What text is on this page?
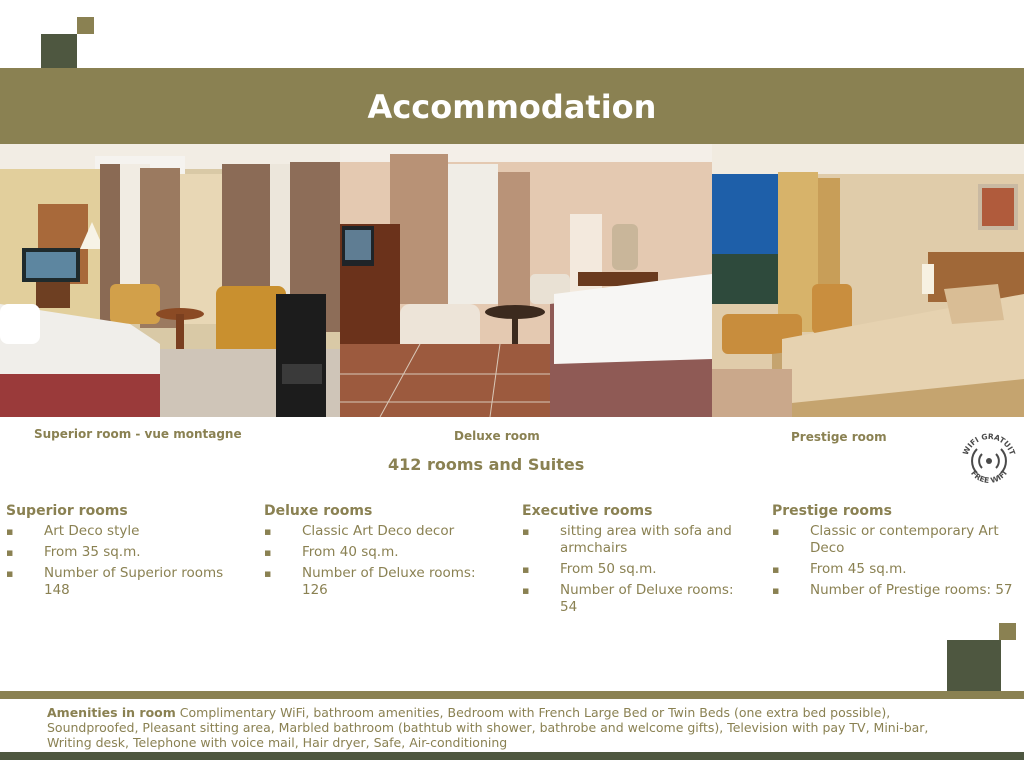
Accommodation
Superior room - vue montagne	Deluxe room	Prestige room
WIFI GRATUIT
FREE WIFI
412 rooms and Suites
Superior rooms
▪ Art Deco style
▪ From 35 sq.m.
▪ Number of Superior rooms 148
Deluxe rooms
▪ Classic Art Deco decor
▪ From 40 sq.m.
▪ Number of Deluxe rooms: 126
Executive rooms
▪ sitting area with sofa and armchairs
▪ From 50 sq.m.
▪ Number of Deluxe rooms: 54
Prestige rooms
▪ Classic or contemporary Art Deco
▪ From 45 sq.m.
▪ Number of Prestige rooms: 57
Amenities in room Complimentary WiFi, bathroom amenities, Bedroom with French Large Bed or Twin Beds (one extra bed possible), Soundproofed, Pleasant sitting area, Marbled bathroom (bathtub with shower, bathrobe and welcome gifts), Television with pay TV, Mini-bar, Writing desk, Telephone with voice mail, Hair dryer, Safe, Air-conditioning
